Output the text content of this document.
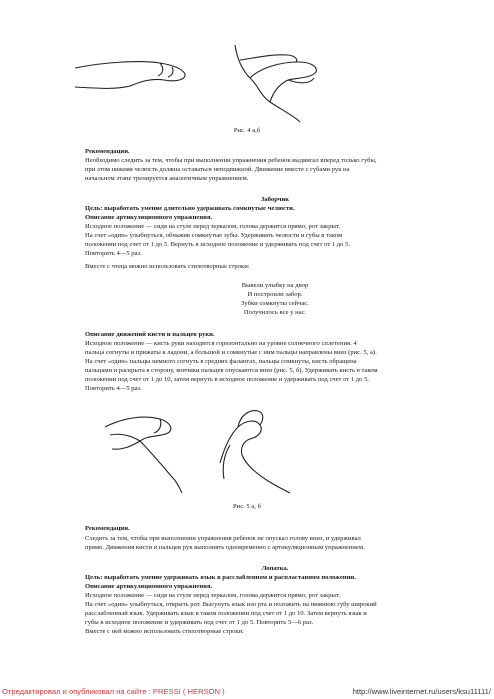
Рис. 4 а,б
Рекомендации.
Необходимо следить за тем, чтобы при выполнении упражнения ребенок выдвигал вперед только губы,
при этом нижняя челюсть должна оставаться неподвижной. Движение вместе с губами рук на
начальном этапе тренируется аналогичным упражнением.
Заборчик
Цель: выработать умение длительно удерживать сомкнутые челюсти.
Описание артикуляционного упражнения.
Исходное положение — сидя на стуле перед зеркалом, голова держится прямо, рот закрыт.
На счет «один» улыбнуться, обнажив сомкнутые зубы. Удерживать челюсти и губы в таком
положении под счет от 1 до 5. Вернуть в исходное положение и удерживать под счет от 1 до 5.
Повторить 4—5 раз.
Вместе с чтеца можно использовать стихотворные строки:
Вывели улыбку на двор
И построили забор.
Зубки сомкнуты сейчас.
Получилось все у нас.
Описание движений кисти и пальцев руки.
Исходное положение — кисть руки находится горизонтально на уровне солнечного сплетения. 4
пальца согнуты и прижаты к ладони, а большой и сомкнутые с ним пальцы направлены вниз (рис. 5, а).
На счет «один» пальцы немного согнуть в средних фалангах, пальцы сомкнуты, кисть обращена
пальцами и раскрыта в сторону, кончики пальцев опускаются вниз (рис. 5, б). Удерживать кисть в таком
положении под счет от 1 до 10, затем вернуть в исходное положение и удерживать под счет от 1 до 5.
Повторить 4—5 раз.
Рис. 5 а, б
Рекомендации.
Следить за тем, чтобы при выполнении упражнения ребенок не опускал голову вниз, и удерживал
прямо. Движения кисти и пальцев рук выполнять одновременно с артикуляционным упражнением.
Лопатка.
Цель: выработать умение удерживать язык в расслабленном и распластанном положении.
Описание артикуляционного упражнения.
Исходное положение — сидя на стуле перед зеркалом, голова держится прямо, рот закрыт.
На счет «один» улыбнуться, открыть рот. Высунуть язык изо рта и положить на нижнюю губу широкий
расслабленный язык. Удерживать язык в таком положении под счет от 1 до 10. Затем вернуть язык и
губы в исходное положение и удерживать под счет от 1 до 5. Повторить 5—6 раз.
Вместе с ней можно использовать стихотворные строки:
Отредактировал и опубликовал на сайте : PRESSI ( HERSON )	http://www.liveinternet.ru/users/ksu11111/
